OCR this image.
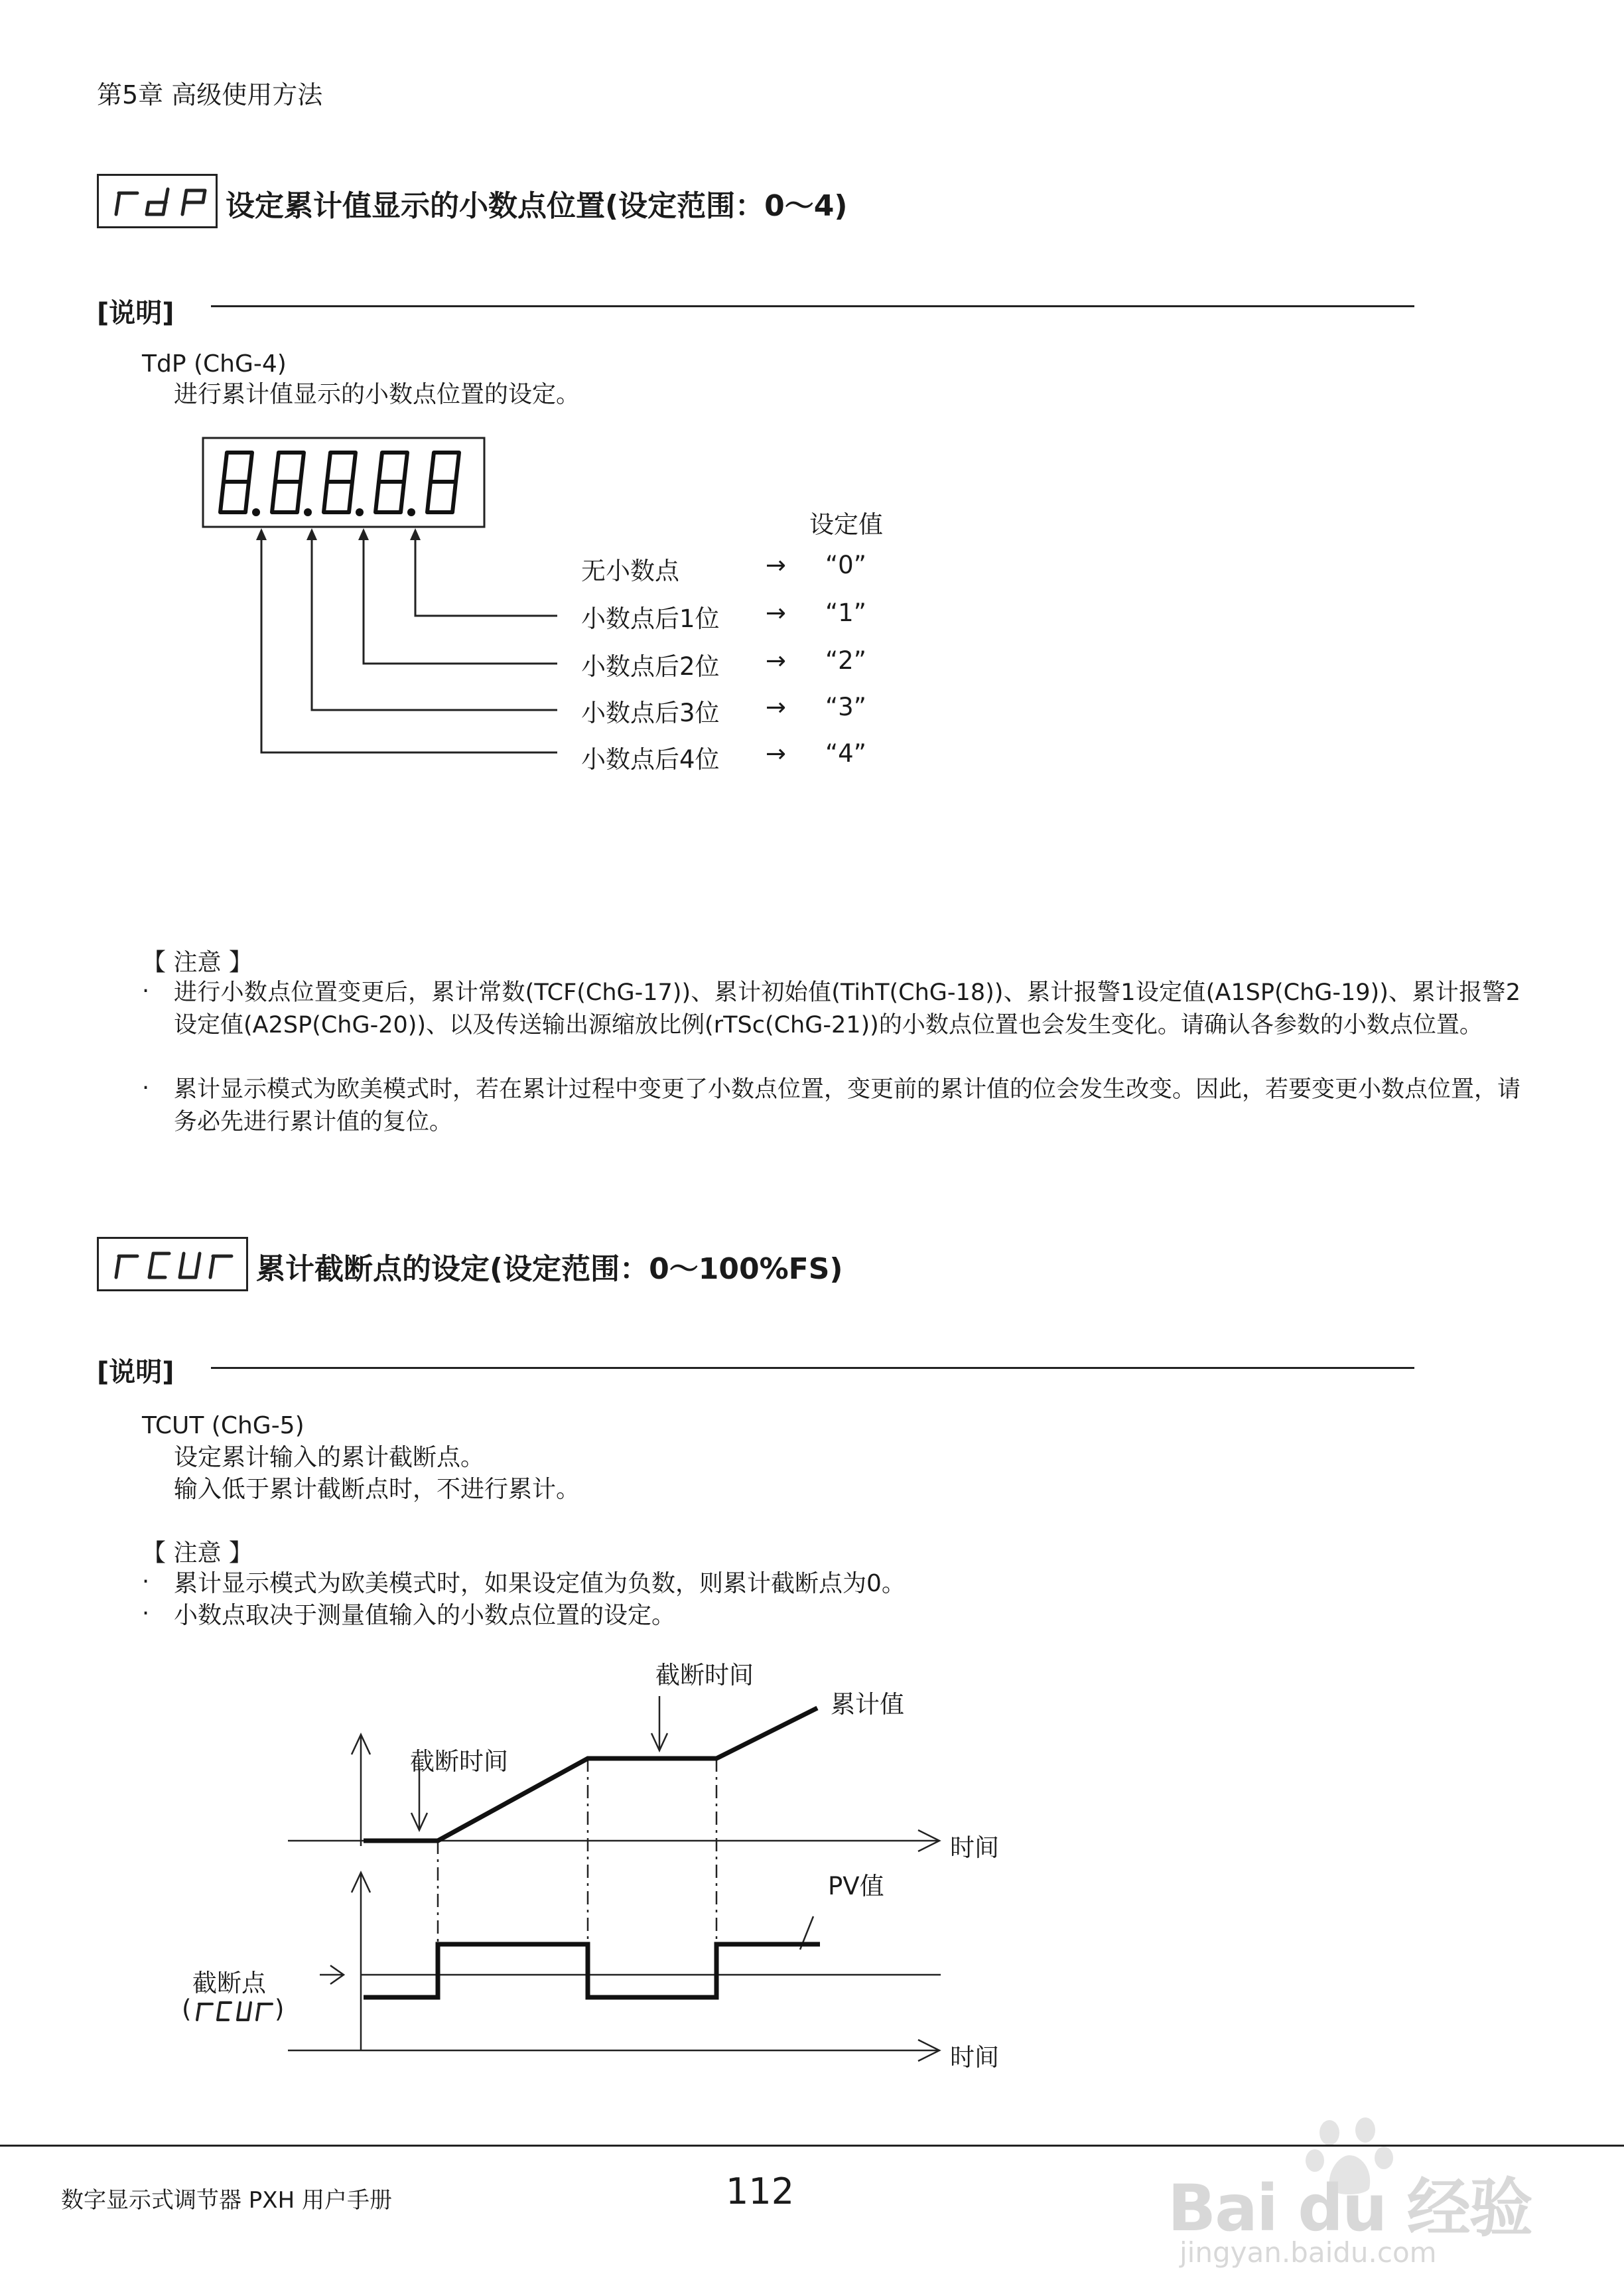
第5章 高级使用方法
设定累计值显示的小数点位置(设定范围：0～4)
[说明]
TdP (ChG-4)
进行累计值显示的小数点位置的设定。
设定值
无小数点	→ “0”
小数点后1位 → “1”
小数点后2位 → “2”
小数点后3位 → “3”
小数点后4位 → “4”
【 注意 】
· 进行小数点位置变更后，累计常数(TCF(ChG-17))、累计初始值(TihT(ChG-18))、累计报警1设定值(A1SP(ChG-19))、累计报警2设定值(A2SP(ChG-20))、以及传送输出源缩放比例(rTSc(ChG-21))的小数点位置也会发生变化。请确认各参数的小数点位置。
· 累计显示模式为欧美模式时，若在累计过程中变更了小数点位置，变更前的累计值的位会发生改变。因此，若要变更小数点位置，请务必先进行累计值的复位。
累计截断点的设定(设定范围：0～100%FS)
[说明]
TCUT (ChG-5)
设定累计输入的累计截断点。
输入低于累计截断点时，不进行累计。
【 注意 】
· 累计显示模式为欧美模式时，如果设定值为负数，则累计截断点为0。
· 小数点取决于测量值输入的小数点位置的设定。
截断时间
累计值
截断时间
时间
PV值
截断点
(	)
时间
Bai du 经验
jingyan.baidu.com
数字显示式调节器 PXH 用户手册	112
